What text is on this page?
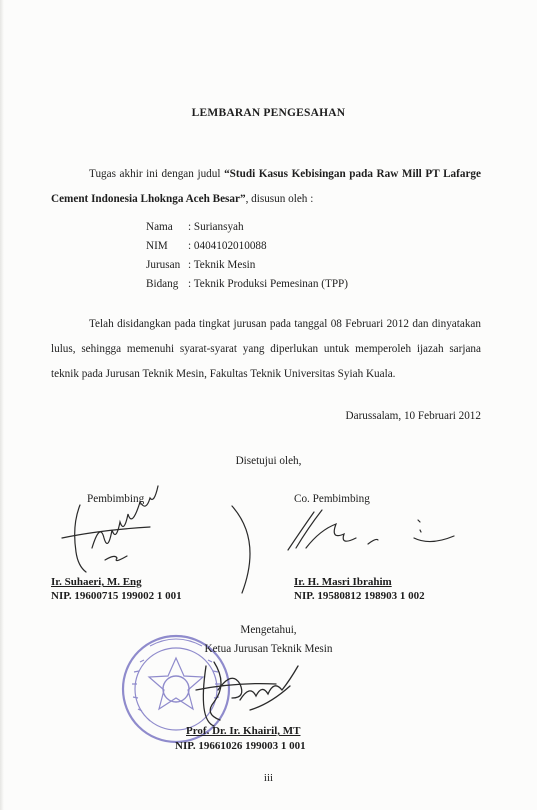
LEMBARAN PENGESAHAN
Tugas akhir ini dengan judul “Studi Kasus Kebisingan pada Raw Mill PT Lafarge Cement Indonesia Lhoknga Aceh Besar”, disusun oleh :
Nama	: Suriansyah
NIM	: 0404102010088
Jurusan	: Teknik Mesin
Bidang	: Teknik Produksi Pemesinan (TPP)
Telah disidangkan pada tingkat jurusan pada tanggal 08 Februari 2012 dan dinyatakan lulus, sehingga memenuhi syarat-syarat yang diperlukan untuk memperoleh ijazah sarjana teknik pada Jurusan Teknik Mesin, Fakultas Teknik Universitas Syiah Kuala.
Darussalam, 10 Februari 2012
Disetujui oleh,
Pembimbing
Ir. Suhaeri, M. Eng
NIP. 19600715 199002 1 001
Co. Pembimbing
Ir. H. Masri Ibrahim
NIP. 19580812 198903 1 002
Mengetahui,
Ketua Jurusan Teknik Mesin
Prof. Dr. Ir. Khairil, MT
NIP. 19661026 199003 1 001
iii
